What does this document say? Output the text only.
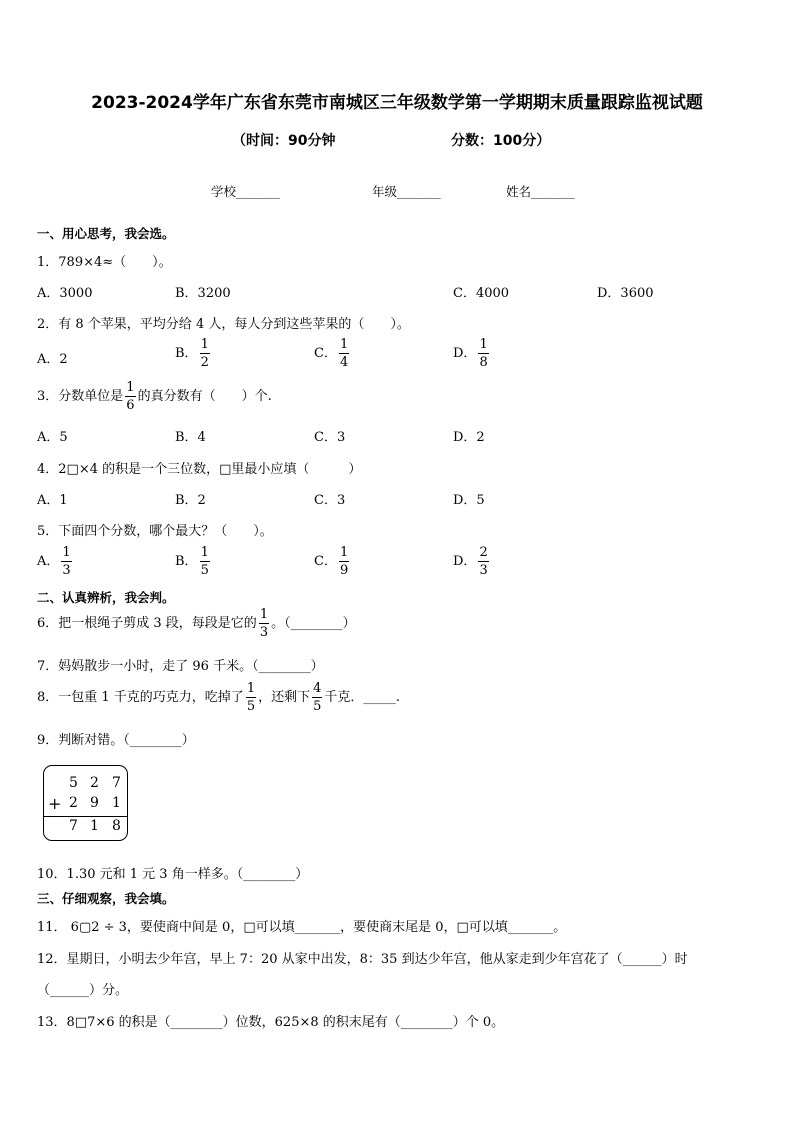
2023-2024学年广东省东莞市南城区三年级数学第一学期期末质量跟踪监视试题
（时间：90分钟	分数：100分）
学校_______	年级_______	姓名_______
一、用心思考，我会选。
1．789×4≈（　　）。
A．3000	B．3200	C．4000	D．3600
2．有 8 个苹果，平均分给 4 人，每人分到这些苹果的（　　）。
A．2	B． $\frac{1}{2}$	C． $\frac{1}{4}$	D． $\frac{1}{8}$
3．分数单位是 $\frac{1}{6}$ 的真分数有（　　）个.
A．5	B．4	C．3	D．2
4．2□×4 的积是一个三位数，□里最小应填（　　　）
A．1	B．2	C．3	D．5
5．下面四个分数，哪个最大？（　　）。
A． $\frac{1}{3}$	B． $\frac{1}{5}$	C． $\frac{1}{9}$	D． $\frac{2}{3}$
二、认真辨析，我会判。
6．把一根绳子剪成 3 段，每段是它的 $\frac{1}{3}$ 。（________）
7．妈妈散步一小时，走了 96 千米。（________）
8．一包重 1 千克的巧克力，吃掉了 $\frac{1}{5}$ ，还剩下 $\frac{4}{5}$ 千克．_____.
9．判断对错。（________）
5 2 7
+ 2 9 1
7 1 8
10．1.30 元和 1 元 3 角一样多。（________）
三、仔细观察，我会填。
11． 6▢2 ÷ 3，要使商中间是 0，□可以填_______，要使商末尾是 0，□可以填_______。
12．星期日，小明去少年宫，早上 7：20 从家中出发，8：35 到达少年宫，他从家走到少年宫花了（______）时
（______）分。
13．8□7×6 的积是（________）位数，625×8 的积末尾有（________）个 0。
